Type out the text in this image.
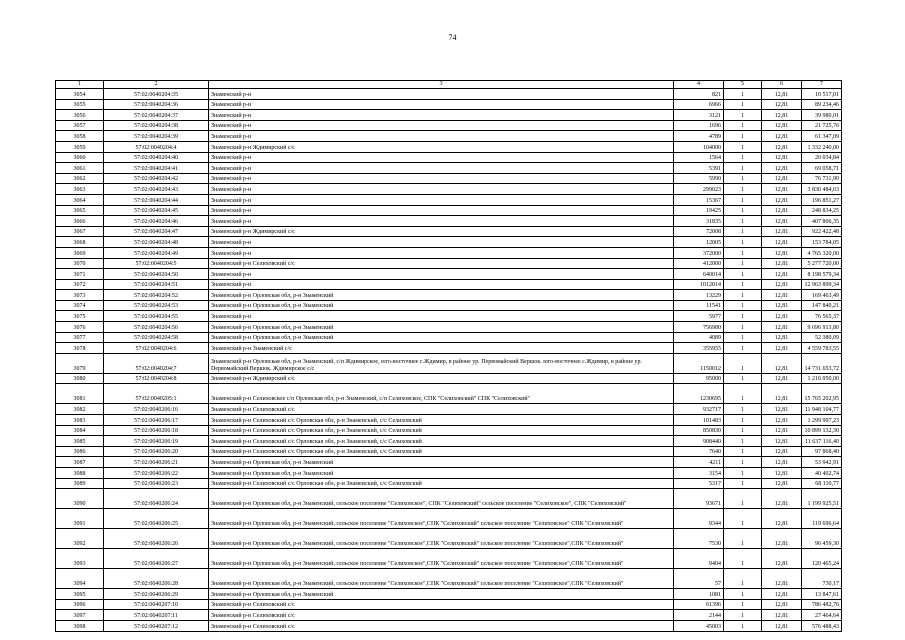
74
1	2	3	4	5	6	7
3054	57:02:0040204:35	Знаменский р-н	821	1	12,81	10 517,01
3055	57:02:0040204:36	Знаменский р-н	6966	1	12,81	89 234,46
3056	57:02:0040204:37	Знаменский р-н	3121	1	12,81	39 980,01
3057	57:02:0040204:38	Знаменский р-н	1696	1	12,81	21 725,76
3058	57:02:0040204:39	Знаменский р-н	4789	1	12,81	61 347,09
3059	57:02:0040204:4	Знаменский р-н Ждимирский с/с	104000	1	12,81	1 332 240,00
3060	57:02:0040204:40	Знаменский р-н	1564	1	12,81	20 034,84
3061	57:02:0040204:41	Знаменский р-н	5391	1	12,81	69 058,71
3062	57:02:0040204:42	Знаменский р-н	5990	1	12,81	76 731,90
3063	57:02:0040204:43	Знаменский р-н	299023	1	12,81	3 830 484,63
3064	57:02:0040204:44	Знаменский р-н	15367	1	12,81	196 851,27
3065	57:02:0040204:45	Знаменский р-н	19425	1	12,81	248 834,25
3066	57:02:0040204:46	Знаменский р-н	31835	1	12,81	407 806,35
3067	57:02:0040204:47	Знаменский р-н Ждимирский с/с	72008	1	12,81	922 422,48
3068	57:02:0040204:48	Знаменский р-н	12005	1	12,81	153 784,05
3069	57:02:0040204:49	Знаменский р-н	372000	1	12,81	4 765 320,00
3070	57:02:0040204:5	Знаменский р-н Селиховский с/с	412000	1	12,81	5 277 720,00
3071	57:02:0040204:50	Знаменский р-н	640014	1	12,81	8 198 579,34
3072	57:02:0040204:51	Знаменский р-н	1012014	1	12,81	12 963 899,34
3073	57:02:0040204:52	Знаменский р-н Орловская обл, р-н Знаменский	13229	1	12,81	169 463,49
3074	57:02:0040204:53	Знаменский р-н Орловская обл, р-н Знаменский	11541	1	12,81	147 840,21
3075	57:02:0040204:55	Знаменский р-н	5977	1	12,81	76 565,37
3076	57:02:0040204:56	Знаменский р-н Орловская обл, р-н Знаменский	756980	1	12,81	9 696 913,80
3077	57:02:0040204:58	Знаменский р-н Орловская обл, р-н Знаменский	4089	1	12,81	52 380,09
3078	57:02:0040204:6	Знаменский р-н Знаменский с/с	355955	1	12,81	4 559 783,55
3079	57:02:0040204:7	Знаменский р-н Орловская обл, р-н Знаменский, с/п Ждимирское, юго-восточнее с.Ждимир, в районе ур. Первомайский Вершок. юго-восточнее с.Ждимир, в районе ур. Первомайский Вершок. Ждимирское с/с	1150012	1	12,81	14 731 653,72
3080	57:02:0040204:8	Знаменский р-н Ждимирский с/с	95000	1	12,81	1 216 950,00
3081	57:02:0040205:1	Знаменский р-н Селиховское с/п Орловская обл, р-н Знаменский, с/п Селиховское, СПК "Селиховский" СПК "Селиховский"	1230695	1	12,81	15 765 202,95
3082	57:02:0040206:16	Знаменский р-н Селиховский с/с	932717	1	12,81	11 948 104,77
3083	57:02:0040206:17	Знаменский р-н Селиховский с/с Орловская обл, р-н Знаменский, с/с Селиховский	101483	1	12,81	1 299 997,23
3084	57:02:0040206:18	Знаменский р-н Селиховский с/с Орловская обл, р-н Знаменский, с/с Селиховский	850830	1	12,81	10 899 132,30
3085	57:02:0040206:19	Знаменский р-н Селиховский с/с Орловская обл, р-н Знаменский, с/с Селиховский	908440	1	12,81	11 637 116,40
3086	57:02:0040206:20	Знаменский р-н Селиховский с/с Орловская обл, р-н Знаменский, с/с Селиховский	7640	1	12,81	97 868,40
3087	57:02:0040206:21	Знаменский р-н Орловская обл, р-н Знаменский	4211	1	12,81	53 942,91
3088	57:02:0040206:22	Знаменский р-н Орловская обл, р-н Знаменский	3154	1	12,81	40 402,74
3089	57:02:0040206:23	Знаменский р-н Селиховский с/с Орловская обл, р-н Знаменский, с/с Селиховский	5317	1	12,81	68 110,77
3090	57:02:0040206:24	Знаменский р-н Орловская обл, р-н Знаменский, сельское поселение "Селиховское", СПК "Селиховский" сельское поселение "Селиховское", СПК "Селиховский"	93671	1	12,81	1 199 925,51
3091	57:02:0040206:25	Знаменский р-н Орловская обл, р-н Знаменский, сельское поселение "Селиховское",СПК "Селиховский" сельское поселение "Селиховское" СПК "Селиховский"	9344	1	12,81	119 696,64
3092	57:02:0040206:26	Знаменский р-н Орловская обл, р-н Знаменский, сельское поселение "Селиховское",СПК "Селиховский" сельское поселение "Селиховское",СПК "Селиховский"	7530	1	12,81	96 459,30
3093	57:02:0040206:27	Знаменский р-н Орловская обл, р-н Знаменский, сельское поселение "Селиховское",СПК "Селиховский" сельское поселение "Селиховское",СПК "Селиховский"	9404	1	12,81	120 465,24
3094	57:02:0040206:28	Знаменский р-н Орловская обл, р-н Знаменский, сельское поселение "Селиховское",СПК "Селиховский" сельское поселение "Селиховское",СПК "Селиховский"	57	1	12,81	730,17
3095	57:02:0040206:29	Знаменский р-н Орловская обл, р-н Знаменский	1081	1	12,81	13 847,61
3096	57:02:0040207:10	Знаменский р-н Селиховский с/с	61396	1	12,81	786 482,76
3097	57:02:0040207:11	Знаменский р-н Селиховский с/с	2144	1	12,81	27 464,64
3098	57:02:0040207:12	Знаменский р-н Селиховский с/с	45003	1	12,81	576 488,43
